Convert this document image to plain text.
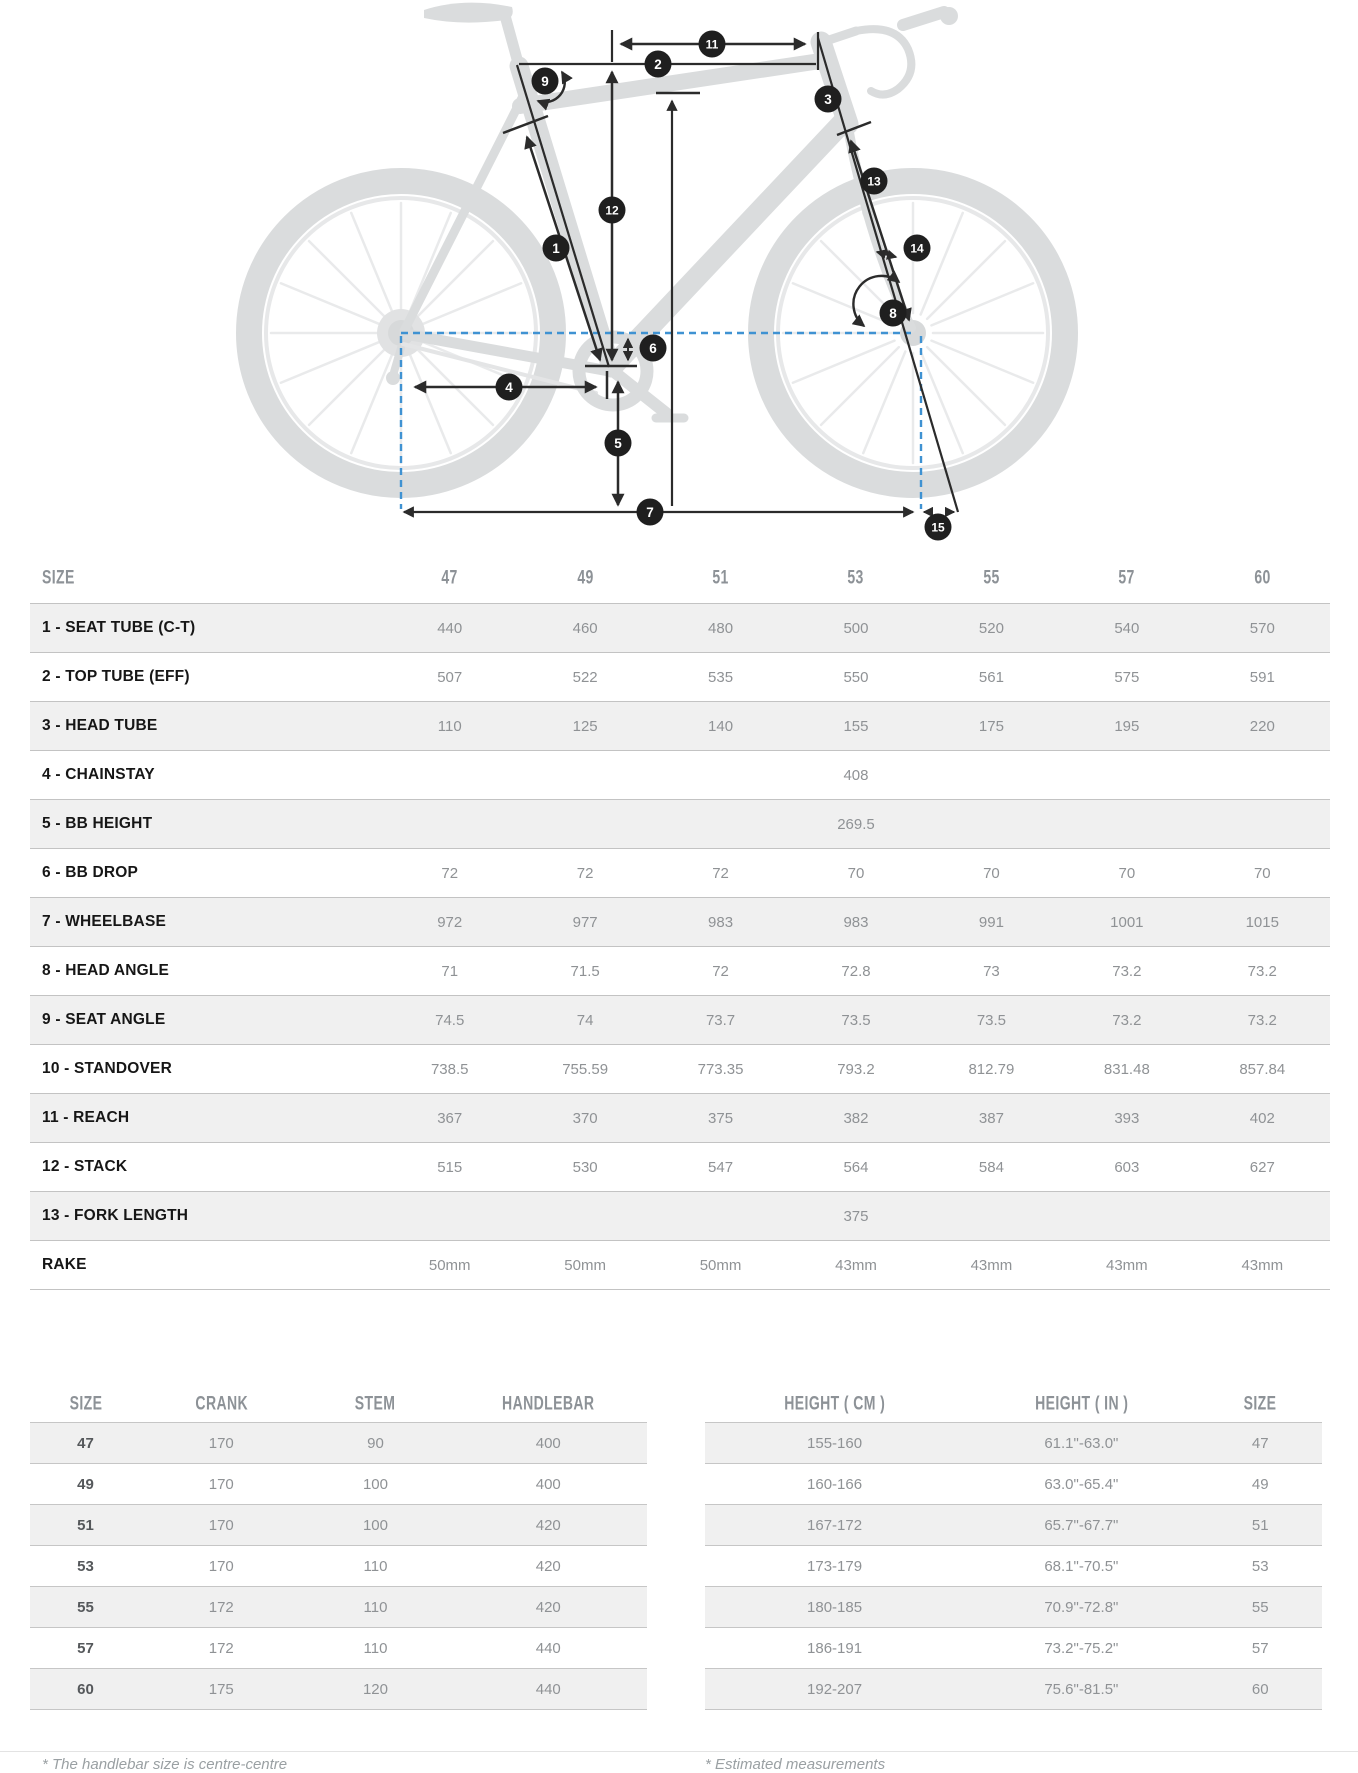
1
2
3
4
5
6
7
8
9
11
12
13
14
15
SIZE	47	49	51	53	55	57	60
1 - SEAT TUBE (C-T)	440	460	480	500	520	540	570
2 - TOP TUBE (EFF)	507	522	535	550	561	575	591
3 - HEAD TUBE	110	125	140	155	175	195	220
4 - CHAINSTAY	408
5 - BB HEIGHT	269.5
6 - BB DROP	72	72	72	70	70	70	70
7 - WHEELBASE	972	977	983	983	991	1001	1015
8 - HEAD ANGLE	71	71.5	72	72.8	73	73.2	73.2
9 - SEAT ANGLE	74.5	74	73.7	73.5	73.5	73.2	73.2
10 - STANDOVER	738.5	755.59	773.35	793.2	812.79	831.48	857.84
11 - REACH	367	370	375	382	387	393	402
12 - STACK	515	530	547	564	584	603	627
13 - FORK LENGTH	375
RAKE	50mm	50mm	50mm	43mm	43mm	43mm	43mm
SIZE	CRANK	STEM	HANDLEBAR
47	170	90	400
49	170	100	400
51	170	100	420
53	170	110	420
55	172	110	420
57	172	110	440
60	175	120	440
* The handlebar size is centre-centre
HEIGHT ( CM )	HEIGHT ( IN )	SIZE
155-160	61.1"-63.0"	47
160-166	63.0"-65.4"	49
167-172	65.7"-67.7"	51
173-179	68.1"-70.5"	53
180-185	70.9"-72.8"	55
186-191	73.2"-75.2"	57
192-207	75.6"-81.5"	60
* Estimated measurements
